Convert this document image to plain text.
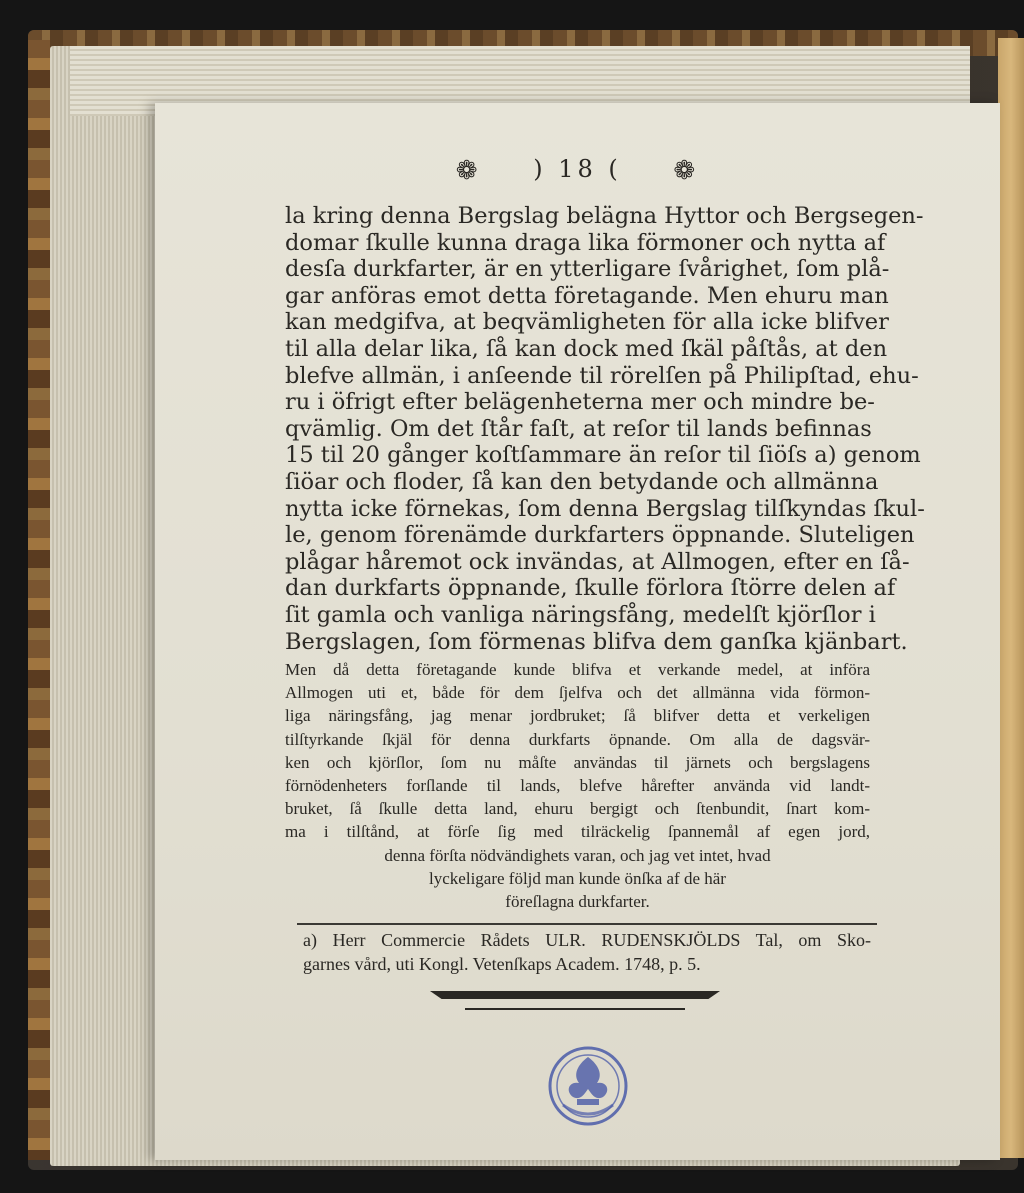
❁ ) 18 ( ❁
la kring denna Bergslag belägna Hyttor och Bergsegen-
domar ſkulle kunna draga lika förmoner och nytta af
desſa durkfarter, är en ytterligare ſvårighet, ſom plå-
gar anföras emot detta företagande. Men ehuru man
kan medgifva, at beqvämligheten för alla icke blifver
til alla delar lika, ſå kan dock med ſkäl påſtås, at den
blefve allmän, i anſeende til rörelſen på Philipſtad, ehu-
ru i öfrigt efter belägenheterna mer och mindre be-
qvämlig. Om det ſtår faſt, at reſor til lands befinnas
15 til 20 gånger koſtſammare än reſor til ſiöſs a) genom
ſiöar och floder, ſå kan den betydande och allmänna
nytta icke förnekas, ſom denna Bergslag tilſkyndas ſkul-
le, genom förenämde durkfarters öppnande. Sluteligen
plågar håremot ock invändas, at Allmogen, efter en ſå-
dan durkfarts öppnande, ſkulle förlora ſtörre delen af
ſit gamla och vanliga näringsfång, medelſt kjörſlor i
Bergslagen, ſom förmenas blifva dem ganſka kjänbart.
Men då detta företagande kunde blifva et verkande medel, at införa
Allmogen uti et, både för dem ſjelfva och det allmänna vida förmon-
liga näringsfång, jag menar jordbruket; ſå blifver detta et verkeligen
tilſtyrkande ſkjäl för denna durkfarts öpnande. Om alla de dagsvär-
ken och kjörſlor, ſom nu måſte användas til järnets och bergslagens
förnödenheters forſlande til lands, blefve hårefter använda vid landt-
bruket, ſå ſkulle detta land, ehuru bergigt och ſtenbundit, ſnart kom-
ma i tilſtånd, at förſe ſig med tilräckelig ſpannemål af egen jord,
denna förſta nödvändighets varan, och jag vet intet, hvad
lyckeligare följd man kunde önſka af de här
föreſlagna durkfarter.
a) Herr Commercie Rådets ULR. RUDENSKJÖLDS Tal, om Sko-
garnes vård, uti Kongl. Vetenſkaps Academ. 1748, p. 5.
